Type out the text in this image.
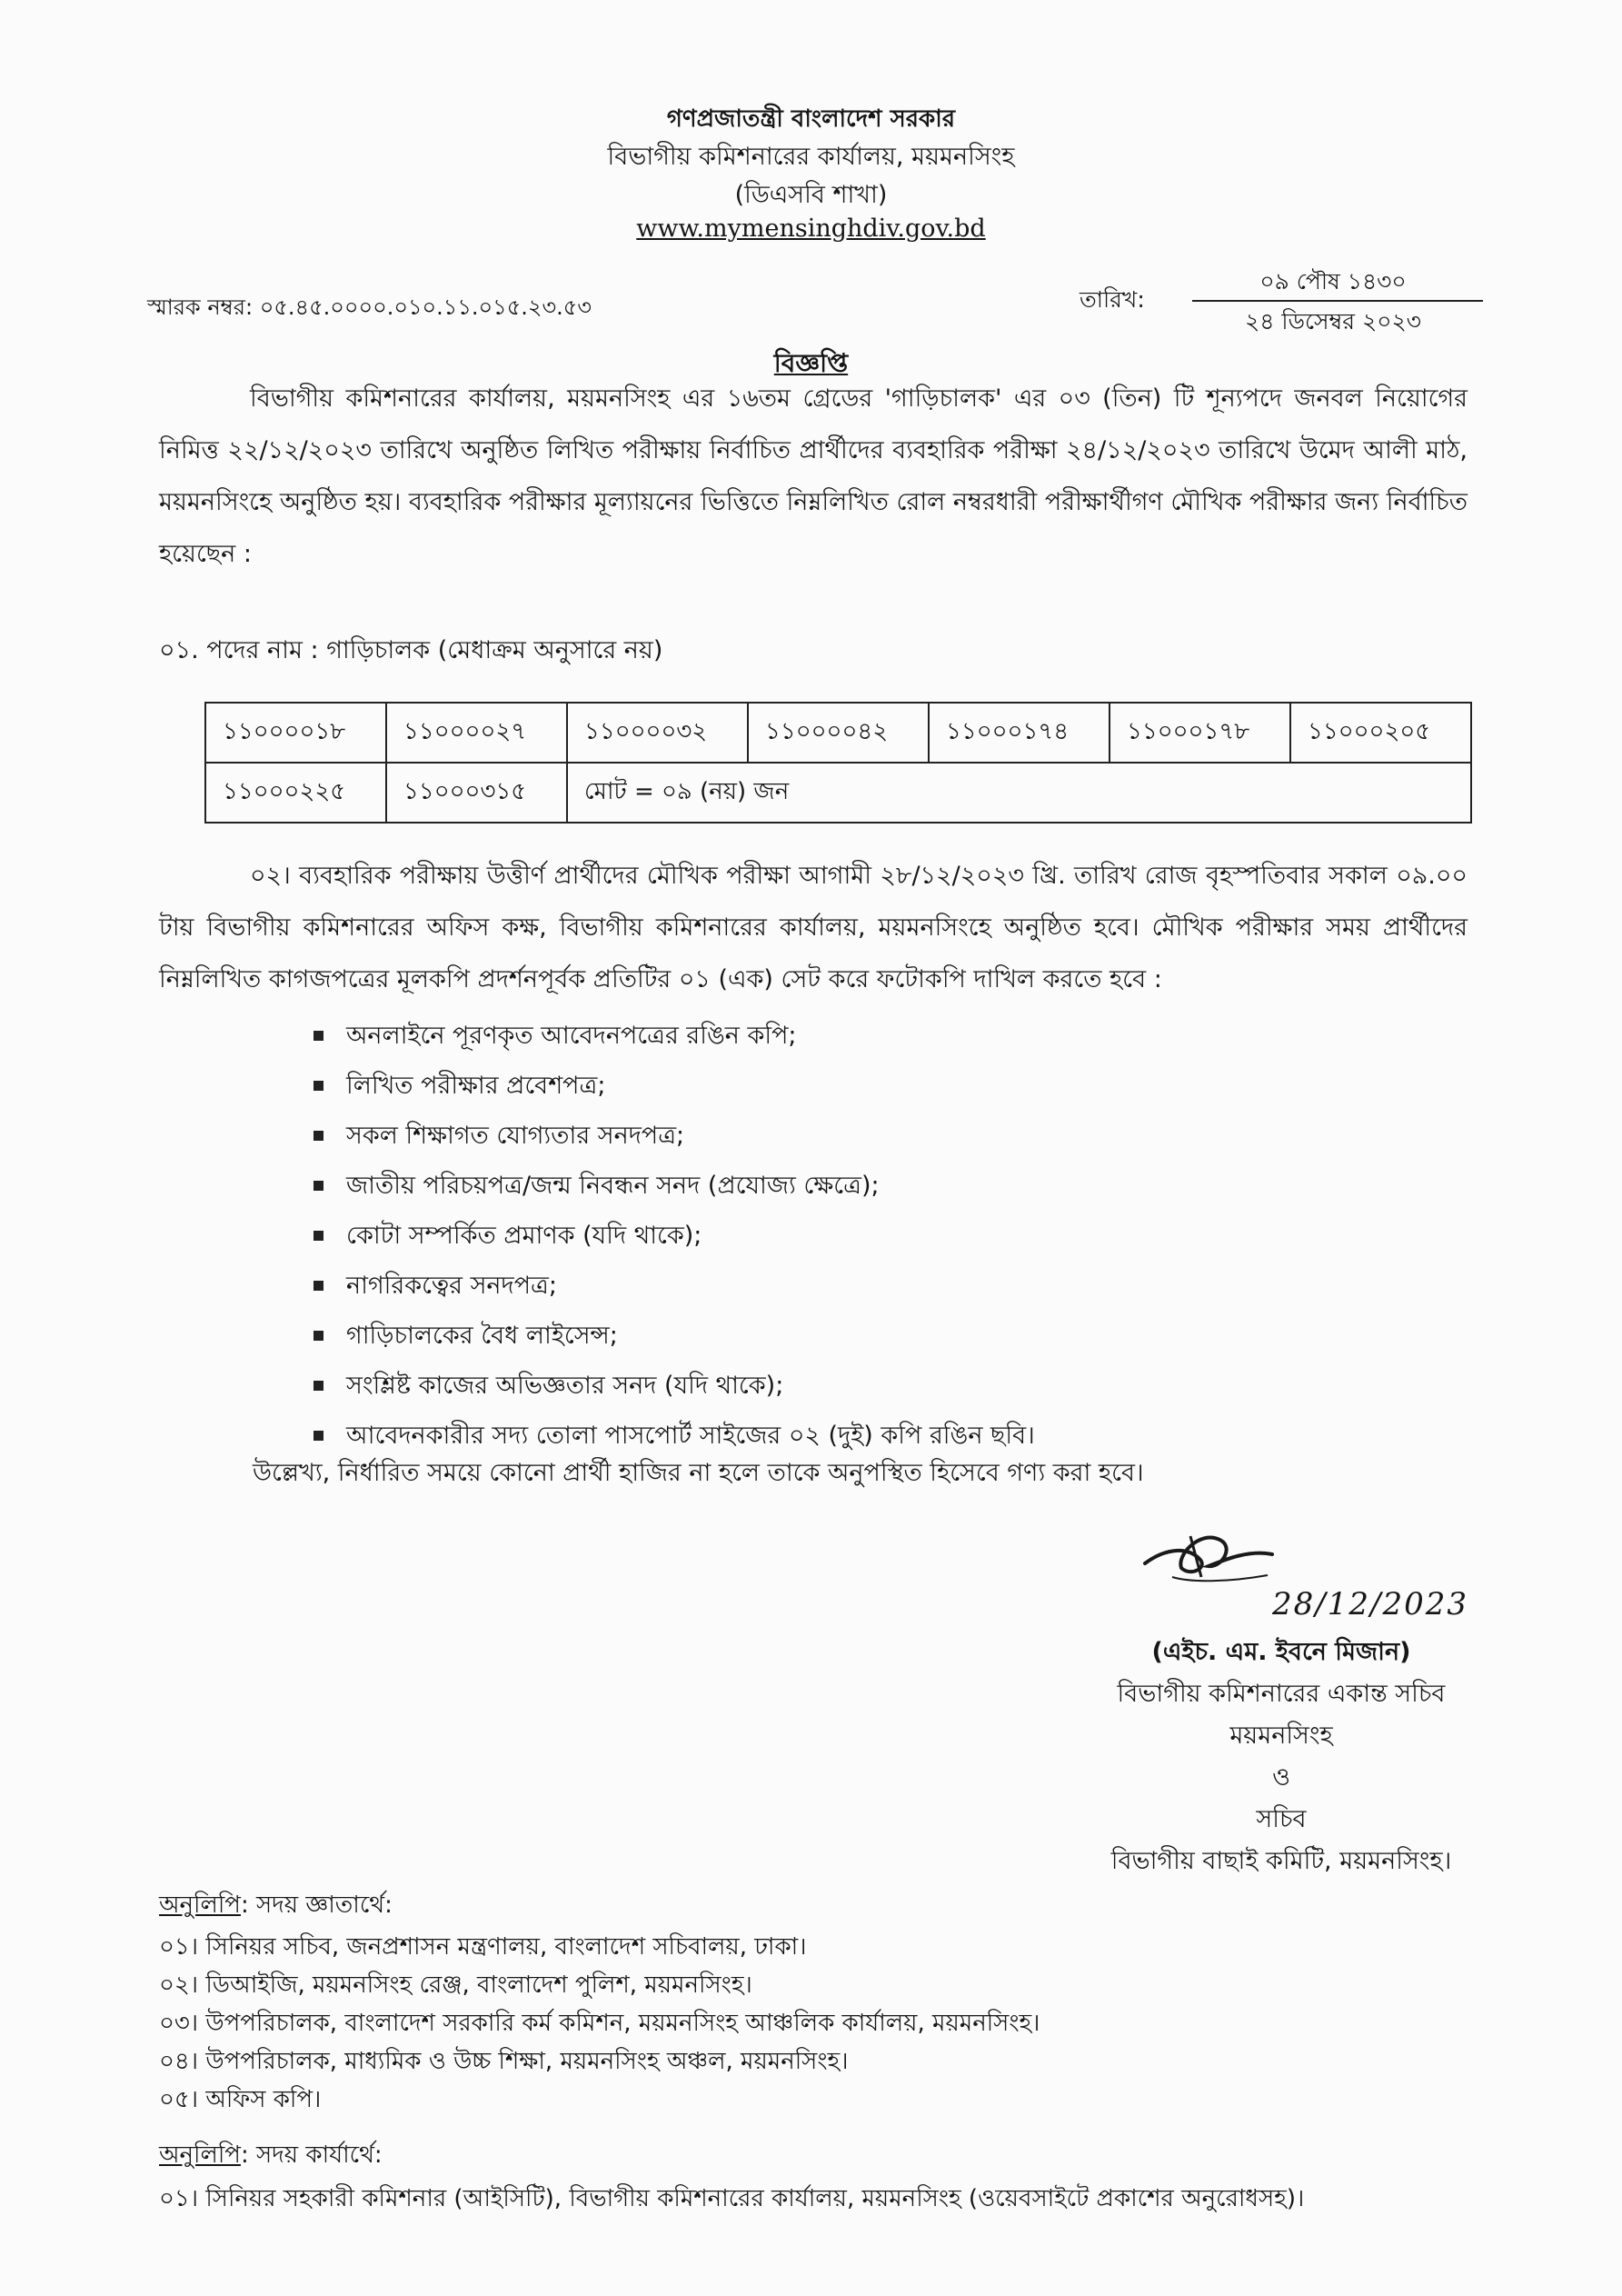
গণপ্রজাতন্ত্রী বাংলাদেশ সরকার
বিভাগীয় কমিশনারের কার্যালয়, ময়মনসিংহ
(ডিএসবি শাখা)
www.mymensinghdiv.gov.bd
স্মারক নম্বর: ০৫.৪৫.০০০০.০১০.১১.০১৫.২৩.৫৩	তারিখ:
০৯ পৌষ ১৪৩০
২৪ ডিসেম্বর ২০২৩
বিজ্ঞপ্তি
বিভাগীয় কমিশনারের কার্যালয়, ময়মনসিংহ এর ১৬তম গ্রেডের 'গাড়িচালক' এর ০৩ (তিন) টি শূন্যপদে জনবল নিয়োগের নিমিত্ত ২২/১২/২০২৩ তারিখে অনুষ্ঠিত লিখিত পরীক্ষায় নির্বাচিত প্রার্থীদের ব্যবহারিক পরীক্ষা ২৪/১২/২০২৩ তারিখে উমেদ আলী মাঠ, ময়মনসিংহে অনুষ্ঠিত হয়। ব্যবহারিক পরীক্ষার মূল্যায়নের ভিত্তিতে নিম্নলিখিত রোল নম্বরধারী পরীক্ষার্থীগণ মৌখিক পরীক্ষার জন্য নির্বাচিত হয়েছেন :
০১. পদের নাম : গাড়িচালক (মেধাক্রম অনুসারে নয়)
১১০০০০১৮	১১০০০০২৭	১১০০০০৩২	১১০০০০৪২	১১০০০১৭৪	১১০০০১৭৮	১১০০০২০৫
১১০০০২২৫	১১০০০৩১৫	মোট = ০৯ (নয়) জন				
০২। ব্যবহারিক পরীক্ষায় উত্তীর্ণ প্রার্থীদের মৌখিক পরীক্ষা আগামী ২৮/১২/২০২৩ খ্রি. তারিখ রোজ বৃহস্পতিবার সকাল ০৯.০০ টায় বিভাগীয় কমিশনারের অফিস কক্ষ, বিভাগীয় কমিশনারের কার্যালয়, ময়মনসিংহে অনুষ্ঠিত হবে। মৌখিক পরীক্ষার সময় প্রার্থীদের নিম্নলিখিত কাগজপত্রের মূলকপি প্রদর্শনপূর্বক প্রতিটির ০১ (এক) সেট করে ফটোকপি দাখিল করতে হবে :
অনলাইনে পূরণকৃত আবেদনপত্রের রঙিন কপি;
লিখিত পরীক্ষার প্রবেশপত্র;
সকল শিক্ষাগত যোগ্যতার সনদপত্র;
জাতীয় পরিচয়পত্র/জন্ম নিবন্ধন সনদ (প্রযোজ্য ক্ষেত্রে);
কোটা সম্পর্কিত প্রমাণক (যদি থাকে);
নাগরিকত্বের সনদপত্র;
গাড়িচালকের বৈধ লাইসেন্স;
সংশ্লিষ্ট কাজের অভিজ্ঞতার সনদ (যদি থাকে);
আবেদনকারীর সদ্য তোলা পাসপোর্ট সাইজের ০২ (দুই) কপি রঙিন ছবি।
উল্লেখ্য, নির্ধারিত সময়ে কোনো প্রার্থী হাজির না হলে তাকে অনুপস্থিত হিসেবে গণ্য করা হবে।
28/12/2023
(এইচ. এম. ইবনে মিজান)
বিভাগীয় কমিশনারের একান্ত সচিব
ময়মনসিংহ
ও
সচিব
বিভাগীয় বাছাই কমিটি, ময়মনসিংহ।
অনুলিপি: সদয় জ্ঞাতার্থে:
০১। সিনিয়র সচিব, জনপ্রশাসন মন্ত্রণালয়, বাংলাদেশ সচিবালয়, ঢাকা।
০২। ডিআইজি, ময়মনসিংহ রেঞ্জ, বাংলাদেশ পুলিশ, ময়মনসিংহ।
০৩। উপপরিচালক, বাংলাদেশ সরকারি কর্ম কমিশন, ময়মনসিংহ আঞ্চলিক কার্যালয়, ময়মনসিংহ।
০৪। উপপরিচালক, মাধ্যমিক ও উচ্চ শিক্ষা, ময়মনসিংহ অঞ্চল, ময়মনসিংহ।
০৫। অফিস কপি।
অনুলিপি: সদয় কার্যার্থে:
০১। সিনিয়র সহকারী কমিশনার (আইসিটি), বিভাগীয় কমিশনারের কার্যালয়, ময়মনসিংহ (ওয়েবসাইটে প্রকাশের অনুরোধসহ)।
